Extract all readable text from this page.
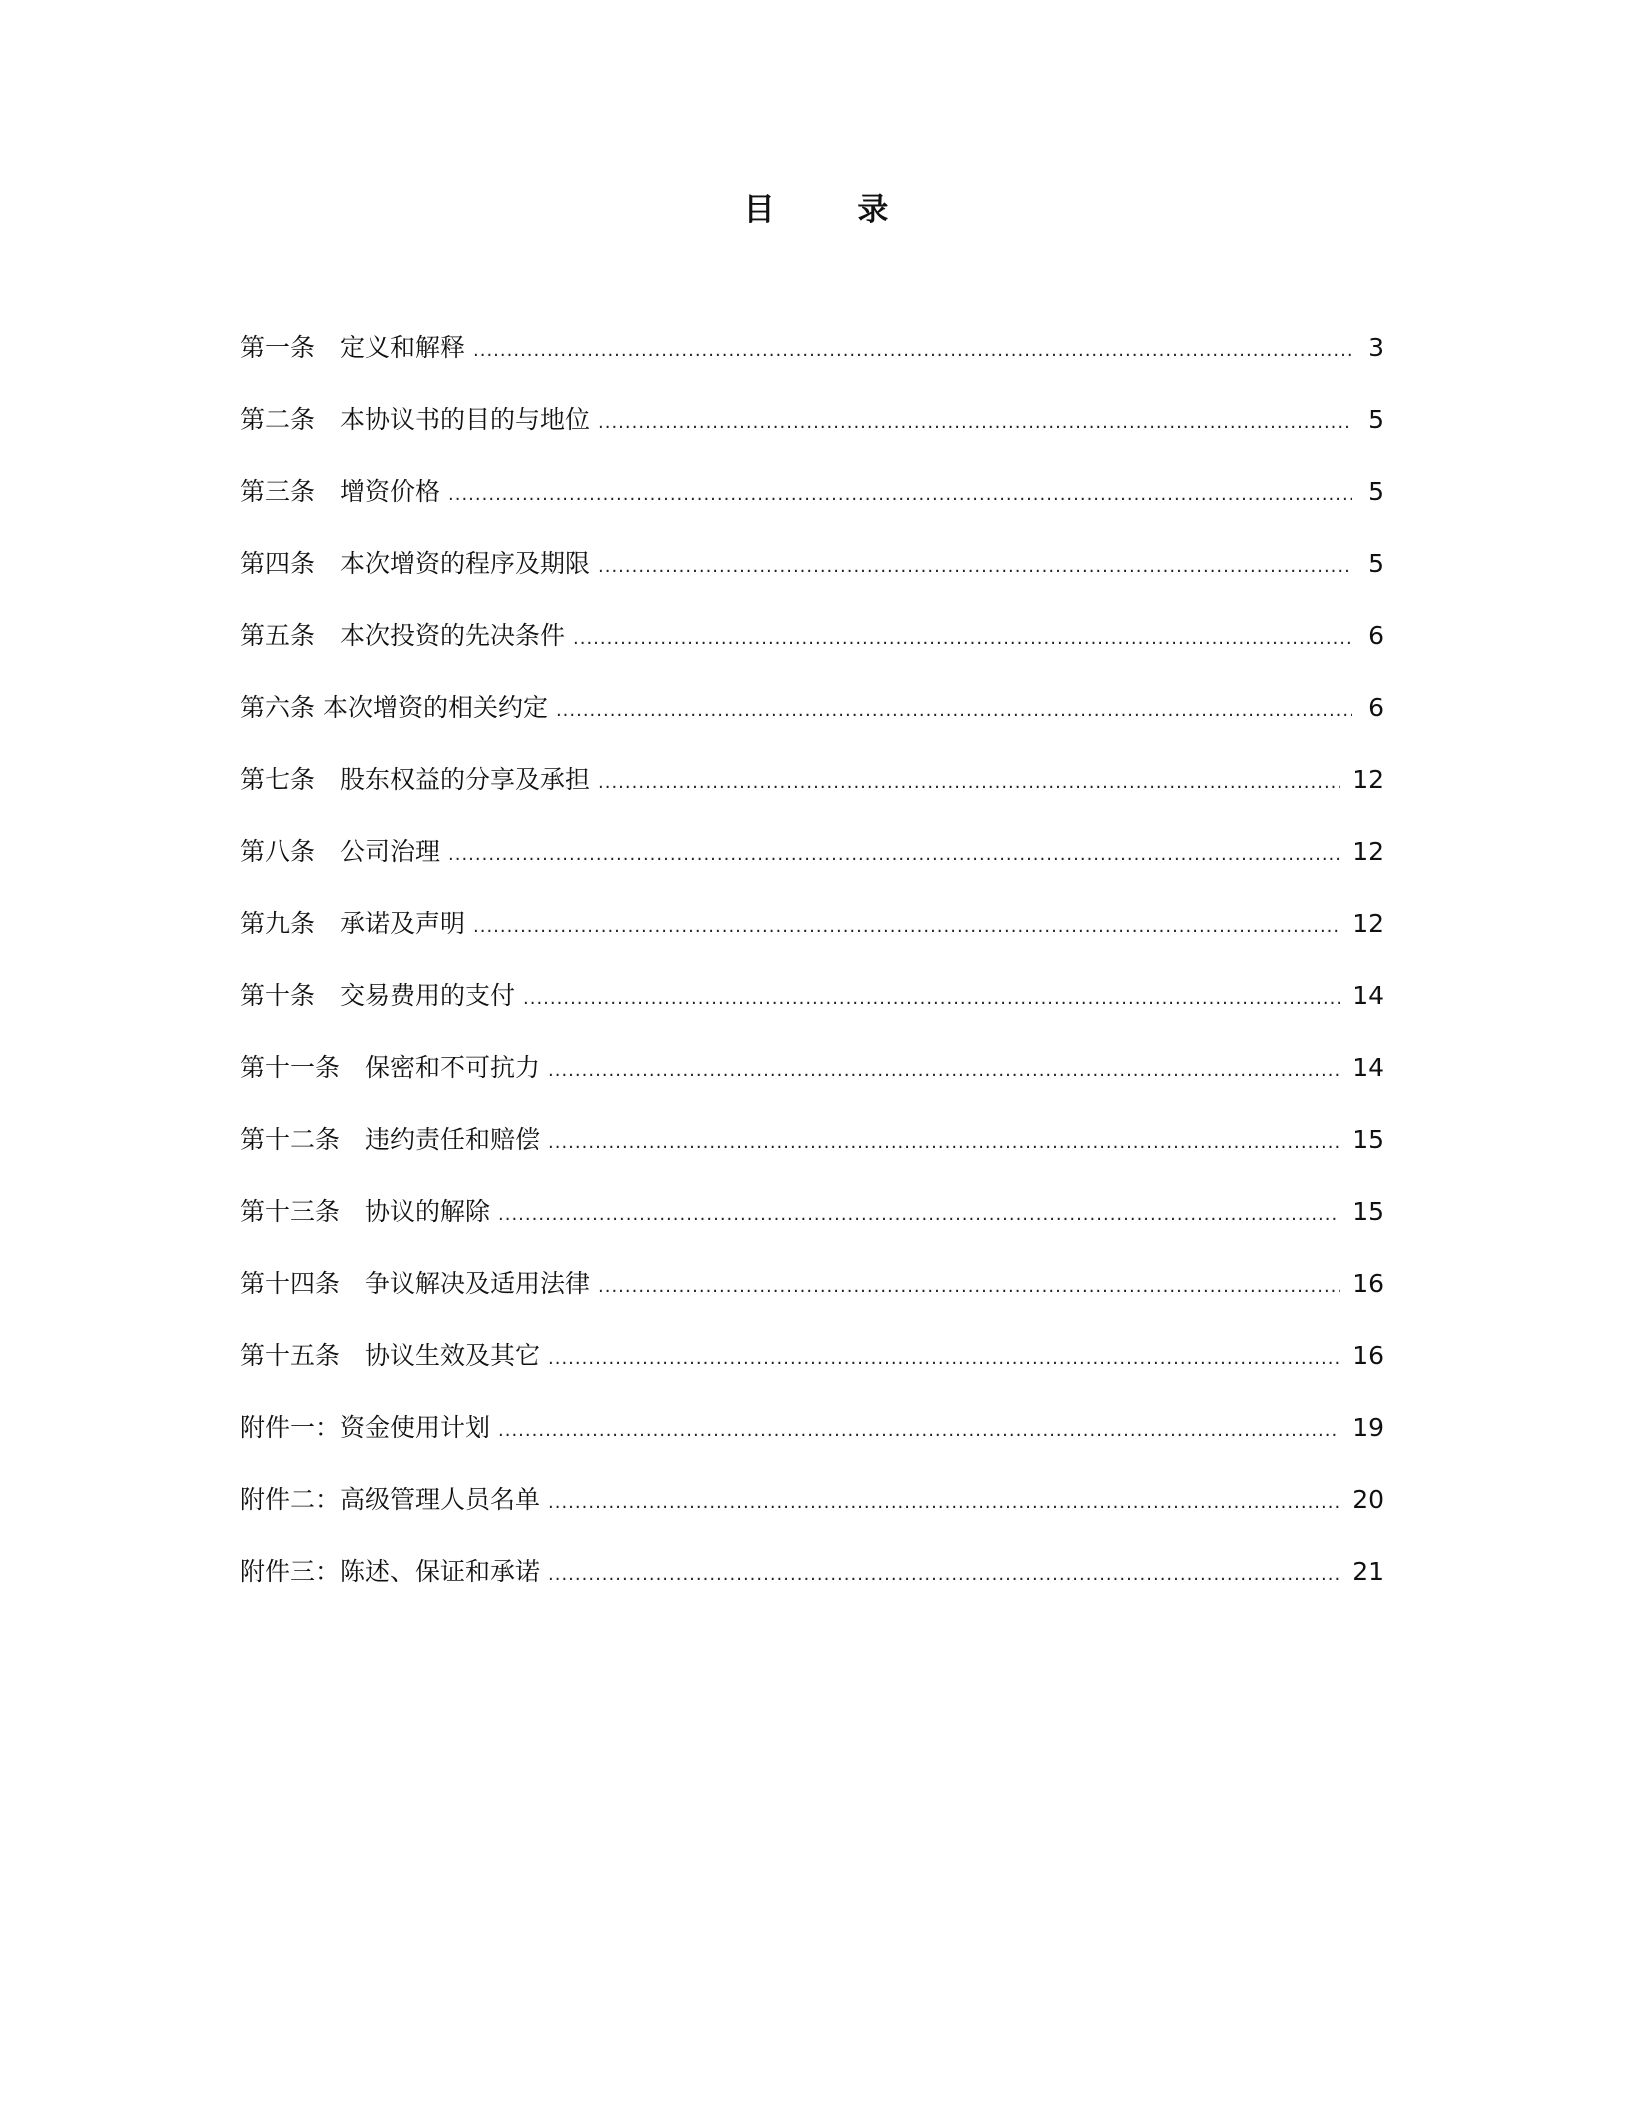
目 录
第一条　定义和解释 .....	3
第二条　本协议书的目的与地位 .....	5
第三条　增资价格 .....	5
第四条　本次增资的程序及期限 .....	5
第五条　本次投资的先决条件 .....	6
第六条 本次增资的相关约定 .....	6
第七条　股东权益的分享及承担 .....	12
第八条　公司治理 .....	12
第九条　承诺及声明 .....	12
第十条　交易费用的支付 .....	14
第十一条　保密和不可抗力 .....	14
第十二条　违约责任和赔偿 .....	15
第十三条　协议的解除 .....	15
第十四条　争议解决及适用法律 .....	16
第十五条　协议生效及其它 .....	16
附件一：资金使用计划 .....	19
附件二：高级管理人员名单 .....	20
附件三：陈述、保证和承诺 .....	21
